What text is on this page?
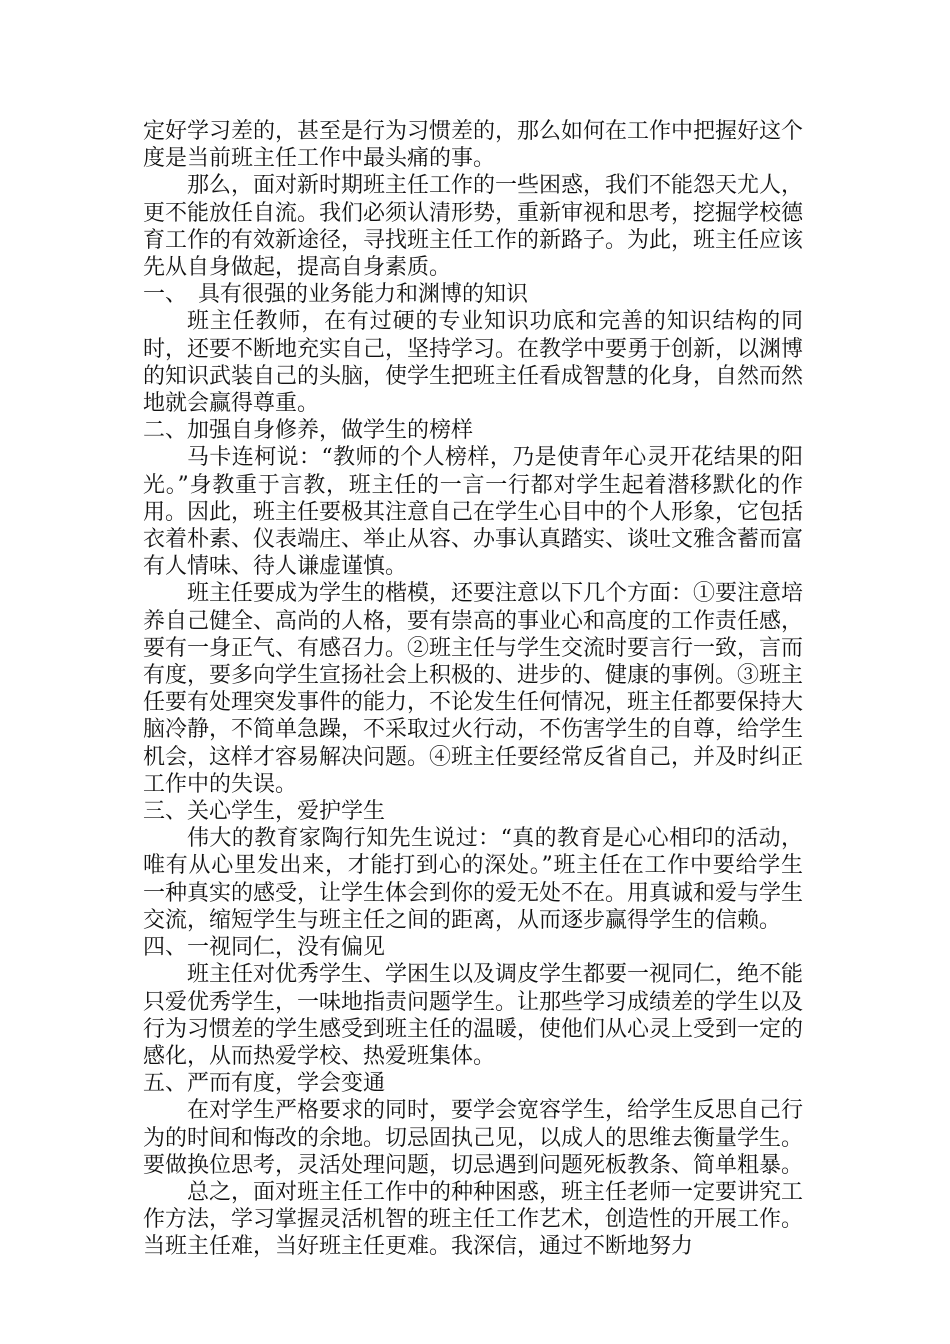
定好学习差的，甚至是行为习惯差的，那么如何在工作中把握好这个度是当前班主任工作中最头痛的事。

那么，面对新时期班主任工作的一些困惑，我们不能怨天尤人，更不能放任自流。我们必须认清形势，重新审视和思考，挖掘学校德育工作的有效新途径，寻找班主任工作的新路子。为此，班主任应该先从自身做起，提高自身素质。

一、　具有很强的业务能力和渊博的知识

班主任教师，在有过硬的专业知识功底和完善的知识结构的同时，还要不断地充实自己，坚持学习。在教学中要勇于创新，以渊博的知识武装自己的头脑，使学生把班主任看成智慧的化身，自然而然地就会赢得尊重。

二、加强自身修养，做学生的榜样

马卡连柯说：“教师的个人榜样，乃是使青年心灵开花结果的阳光。”身教重于言教，班主任的一言一行都对学生起着潜移默化的作用。因此，班主任要极其注意自己在学生心目中的个人形象，它包括衣着朴素、仪表端庄、举止从容、办事认真踏实、谈吐文雅含蓄而富有人情味、待人谦虚谨慎。

班主任要成为学生的楷模，还要注意以下几个方面：①要注意培养自己健全、高尚的人格，要有崇高的事业心和高度的工作责任感，要有一身正气、有感召力。②班主任与学生交流时要言行一致，言而有度，要多向学生宣扬社会上积极的、进步的、健康的事例。③班主任要有处理突发事件的能力，不论发生任何情况，班主任都要保持大脑冷静，不简单急躁，不采取过火行动，不伤害学生的自尊，给学生机会，这样才容易解决问题。④班主任要经常反省自己，并及时纠正工作中的失误。

三、关心学生，爱护学生

伟大的教育家陶行知先生说过：“真的教育是心心相印的活动，唯有从心里发出来，才能打到心的深处。”班主任在工作中要给学生一种真实的感受，让学生体会到你的爱无处不在。用真诚和爱与学生交流，缩短学生与班主任之间的距离，从而逐步赢得学生的信赖。

四、一视同仁，没有偏见

班主任对优秀学生、学困生以及调皮学生都要一视同仁，绝不能只爱优秀学生，一味地指责问题学生。让那些学习成绩差的学生以及行为习惯差的学生感受到班主任的温暖，使他们从心灵上受到一定的感化，从而热爱学校、热爱班集体。

五、严而有度，学会变通

在对学生严格要求的同时，要学会宽容学生，给学生反思自己行为的时间和悔改的余地。切忌固执己见，以成人的思维去衡量学生。要做换位思考，灵活处理问题，切忌遇到问题死板教条、简单粗暴。

总之，面对班主任工作中的种种困惑，班主任老师一定要讲究工作方法，学习掌握灵活机智的班主任工作艺术，创造性的开展工作。当班主任难，当好班主任更难。我深信，通过不断地努力
